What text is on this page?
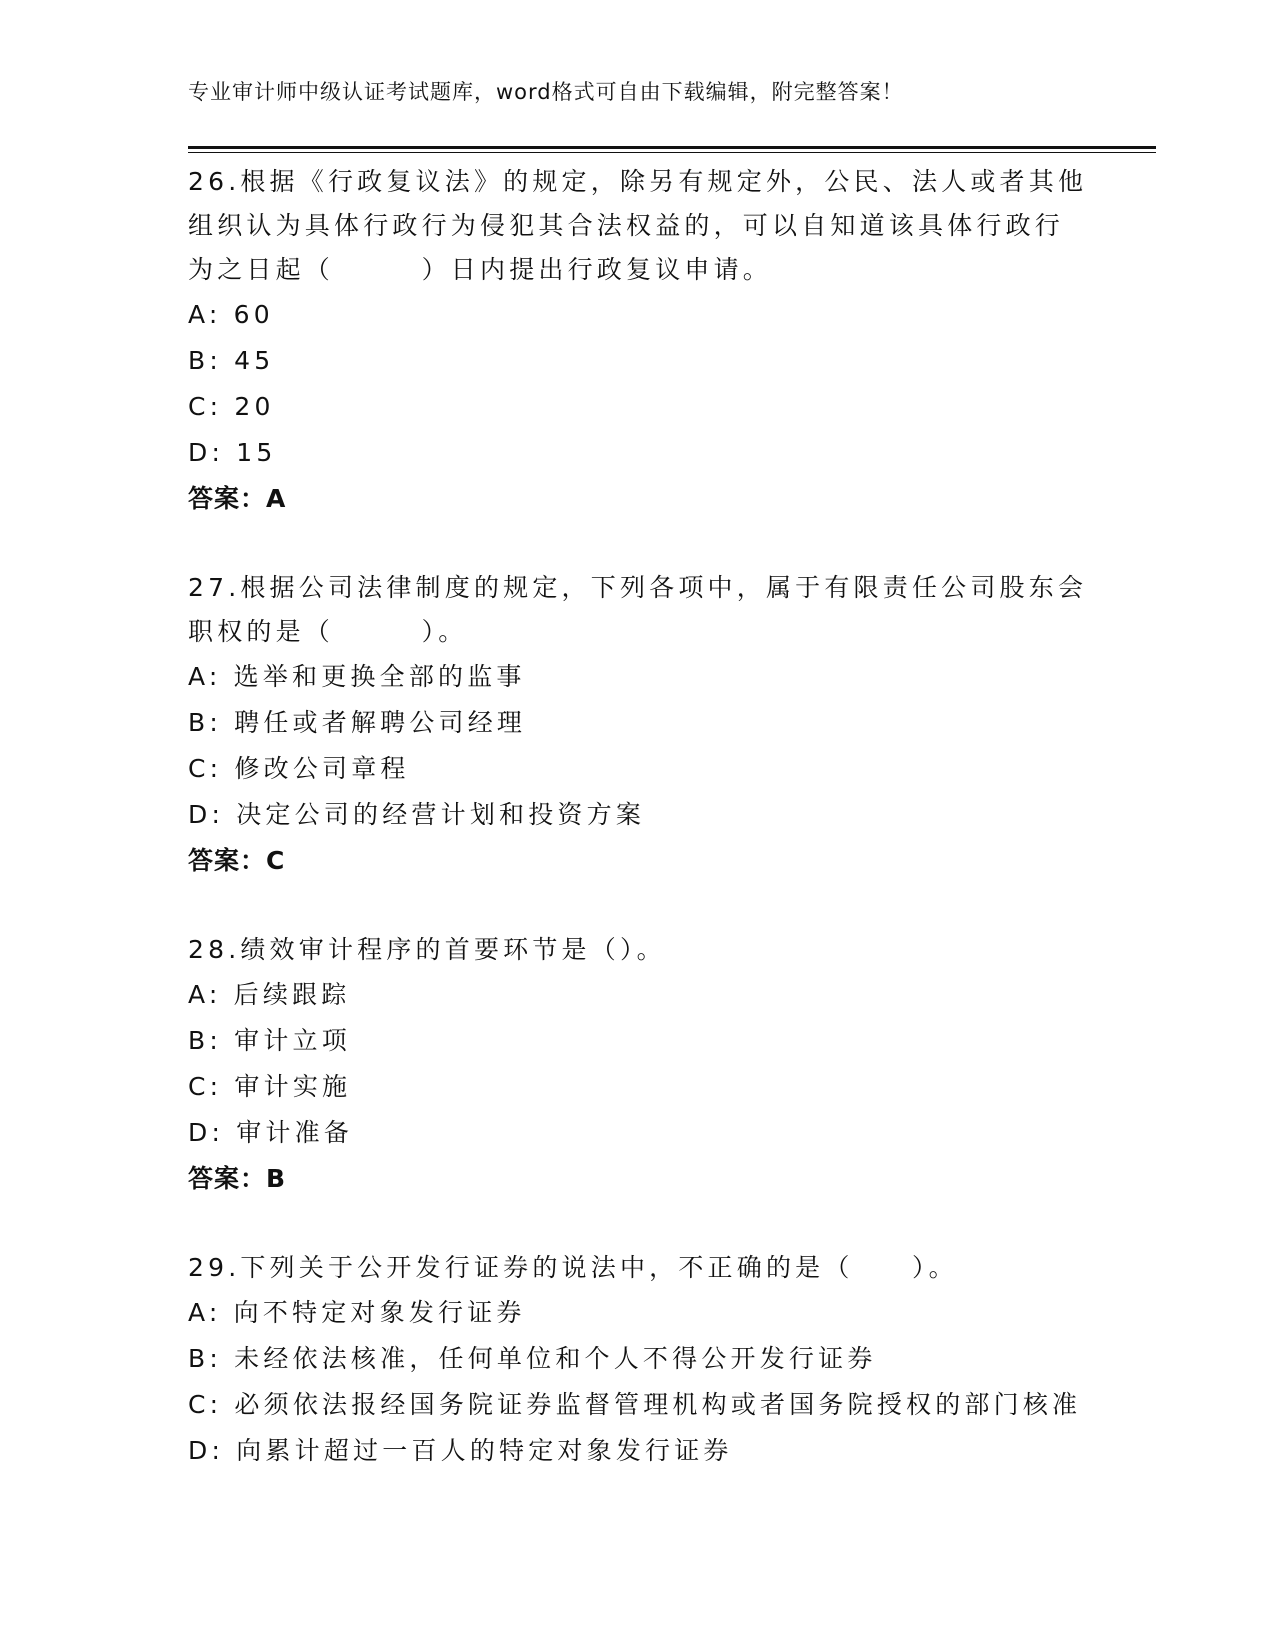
专业审计师中级认证考试题库，word格式可自由下载编辑，附完整答案！
26.根据《行政复议法》的规定，除另有规定外，公民、法人或者其他
组织认为具体行政行为侵犯其合法权益的，可以自知道该具体行政行
为之日起（　　　）日内提出行政复议申请。
A: 60
B: 45
C: 20
D: 15
答案：A
27.根据公司法律制度的规定，下列各项中，属于有限责任公司股东会
职权的是（　　　）。
A: 选举和更换全部的监事
B: 聘任或者解聘公司经理
C: 修改公司章程
D: 决定公司的经营计划和投资方案
答案：C
28.绩效审计程序的首要环节是（）。
A: 后续跟踪
B: 审计立项
C: 审计实施
D: 审计准备
答案：B
29.下列关于公开发行证券的说法中，不正确的是（　　）。
A: 向不特定对象发行证券
B: 未经依法核准，任何单位和个人不得公开发行证券
C: 必须依法报经国务院证券监督管理机构或者国务院授权的部门核准
D: 向累计超过一百人的特定对象发行证券
